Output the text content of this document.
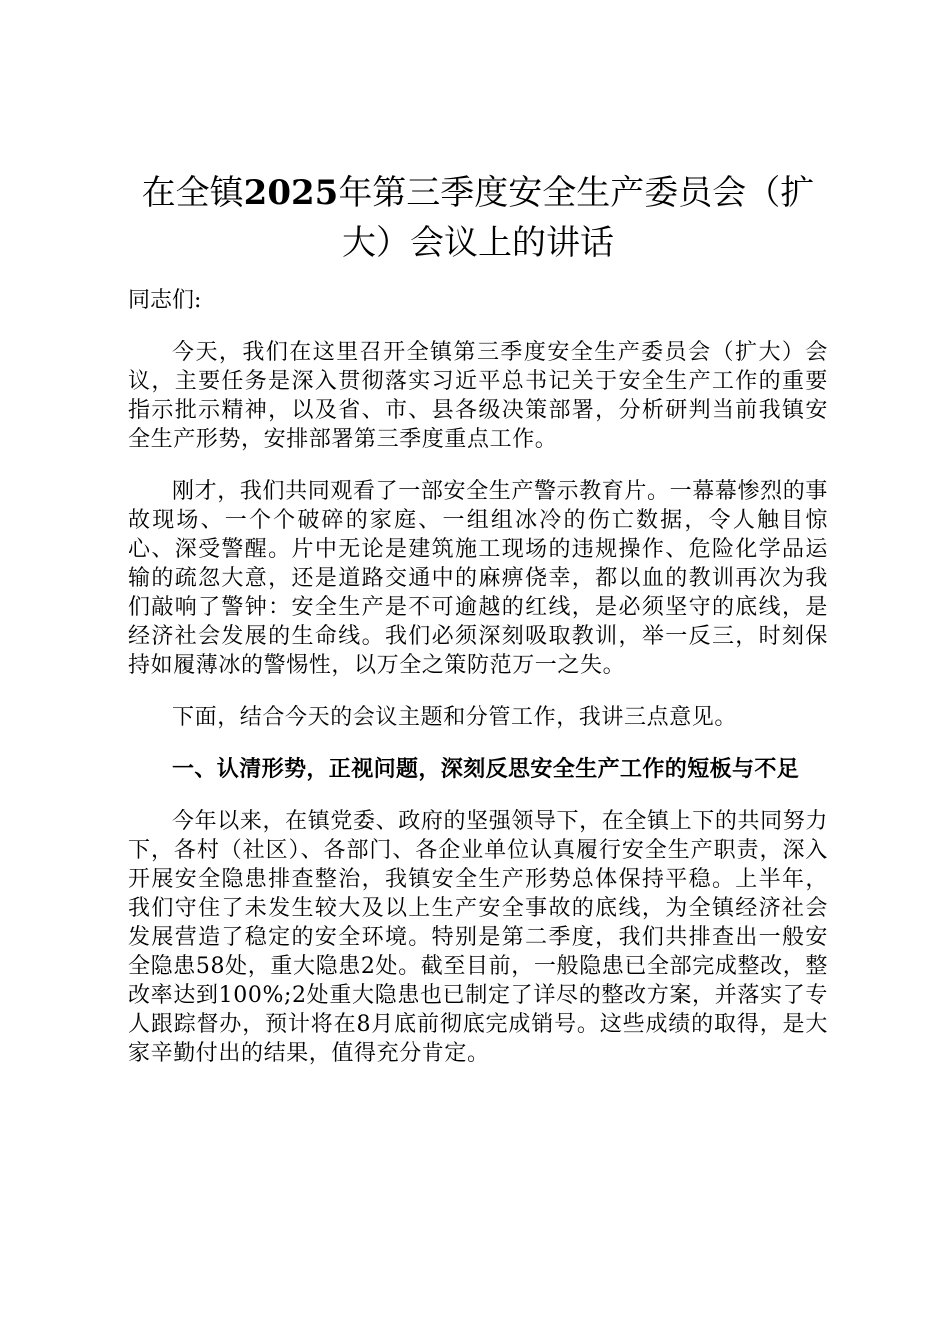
在全镇2025年第三季度安全生产委员会（扩大）会议上的讲话

同志们:

今天，我们在这里召开全镇第三季度安全生产委员会（扩大）会议，主要任务是深入贯彻落实习近平总书记关于安全生产工作的重要指示批示精神，以及省、市、县各级决策部署，分析研判当前我镇安全生产形势，安排部署第三季度重点工作。

刚才，我们共同观看了一部安全生产警示教育片。一幕幕惨烈的事故现场、一个个破碎的家庭、一组组冰冷的伤亡数据，令人触目惊心、深受警醒。片中无论是建筑施工现场的违规操作、危险化学品运输的疏忽大意，还是道路交通中的麻痹侥幸，都以血的教训再次为我们敲响了警钟：安全生产是不可逾越的红线，是必须坚守的底线，是经济社会发展的生命线。我们必须深刻吸取教训，举一反三，时刻保持如履薄冰的警惕性，以万全之策防范万一之失。

下面，结合今天的会议主题和分管工作，我讲三点意见。

一、认清形势，正视问题，深刻反思安全生产工作的短板与不足

今年以来，在镇党委、政府的坚强领导下，在全镇上下的共同努力下，各村（社区）、各部门、各企业单位认真履行安全生产职责，深入开展安全隐患排查整治，我镇安全生产形势总体保持平稳。上半年，我们守住了未发生较大及以上生产安全事故的底线，为全镇经济社会发展营造了稳定的安全环境。特别是第二季度，我们共排查出一般安全隐患58处，重大隐患2处。截至目前，一般隐患已全部完成整改，整改率达到100%;2处重大隐患也已制定了详尽的整改方案，并落实了专人跟踪督办，预计将在8月底前彻底完成销号。这些成绩的取得，是大家辛勤付出的结果，值得充分肯定。
